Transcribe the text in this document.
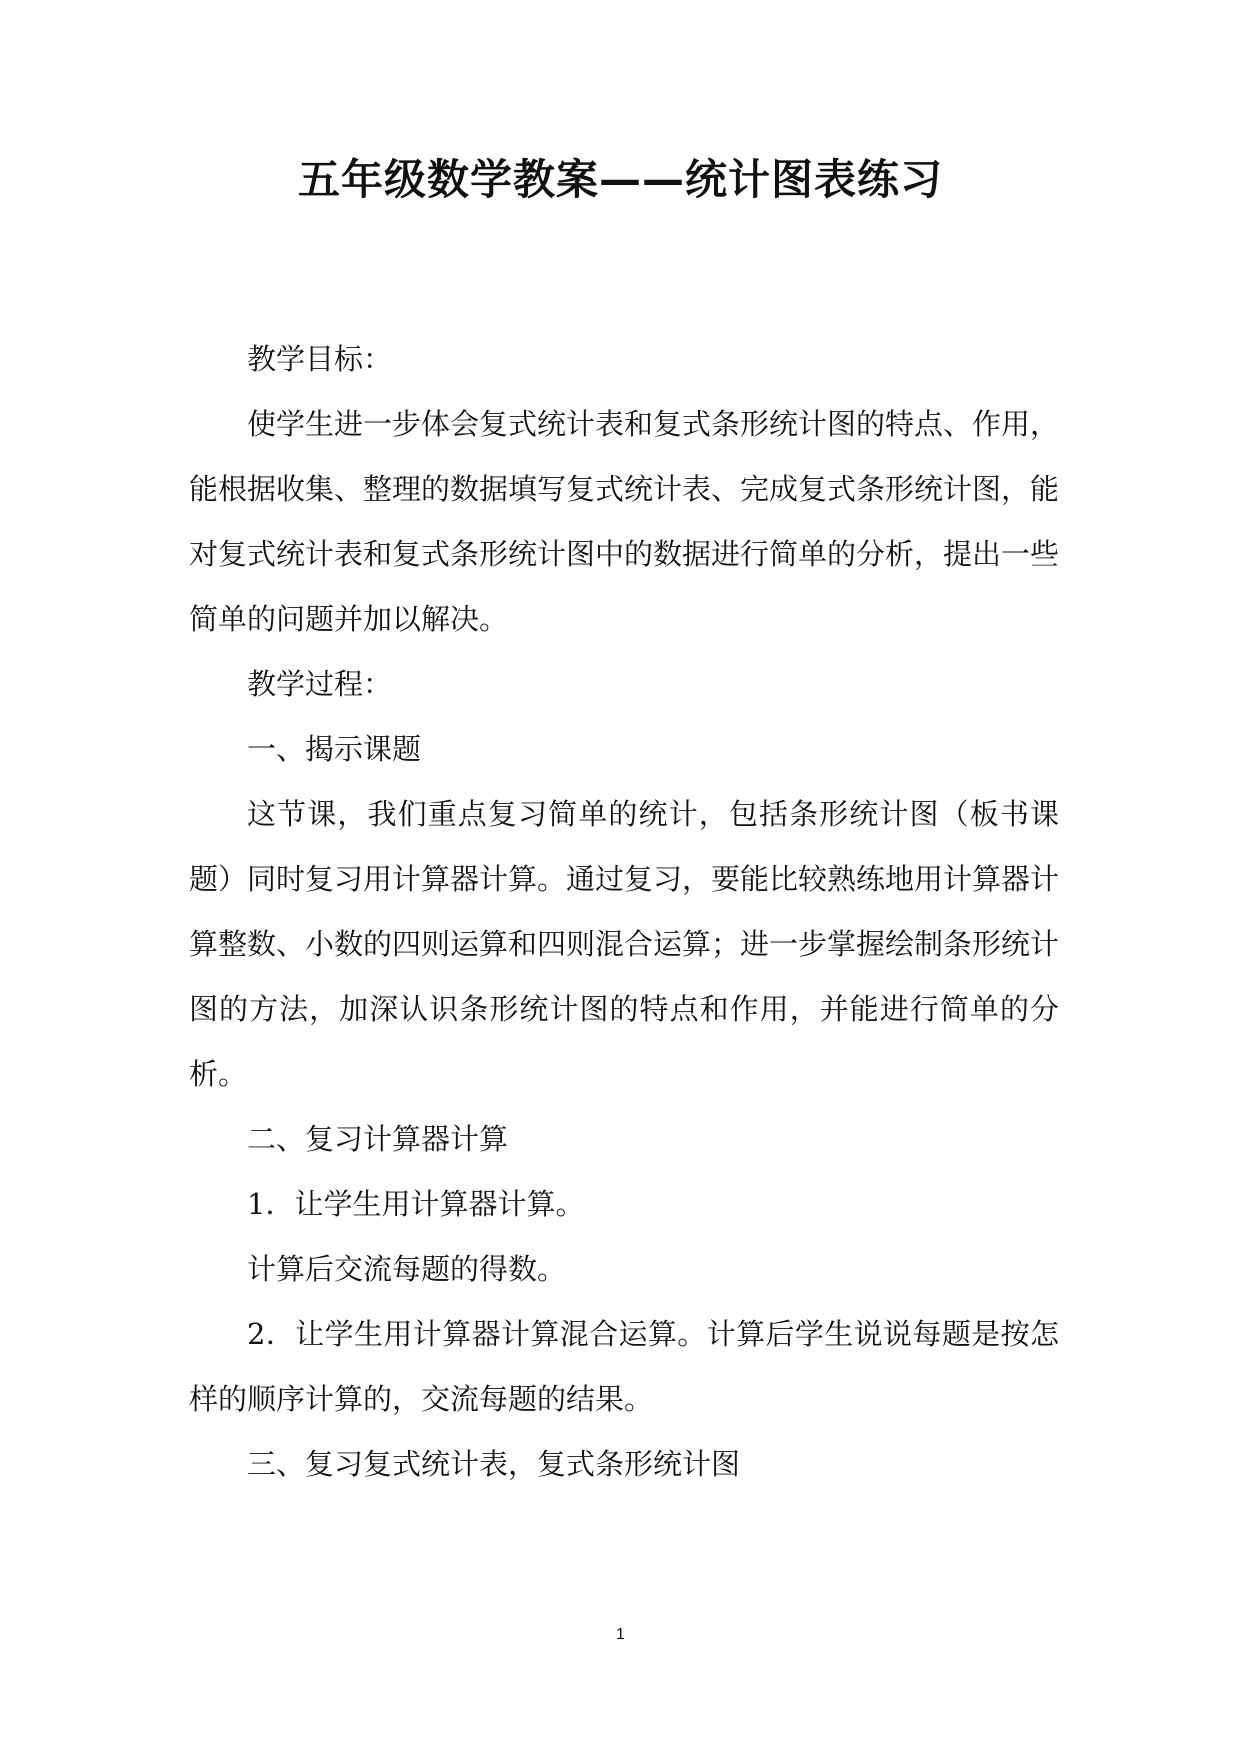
五年级数学教案——统计图表练习

教学目标：

使学生进一步体会复式统计表和复式条形统计图的特点、作用，能根据收集、整理的数据填写复式统计表、完成复式条形统计图，能对复式统计表和复式条形统计图中的数据进行简单的分析，提出一些简单的问题并加以解决。

教学过程：

一、揭示课题

这节课，我们重点复习简单的统计，包括条形统计图（板书课题）同时复习用计算器计算。通过复习，要能比较熟练地用计算器计算整数、小数的四则运算和四则混合运算；进一步掌握绘制条形统计图的方法，加深认识条形统计图的特点和作用，并能进行简单的分析。

二、复习计算器计算

1．让学生用计算器计算。

计算后交流每题的得数。

2．让学生用计算器计算混合运算。计算后学生说说每题是按怎样的顺序计算的，交流每题的结果。

三、复习复式统计表，复式条形统计图

1
